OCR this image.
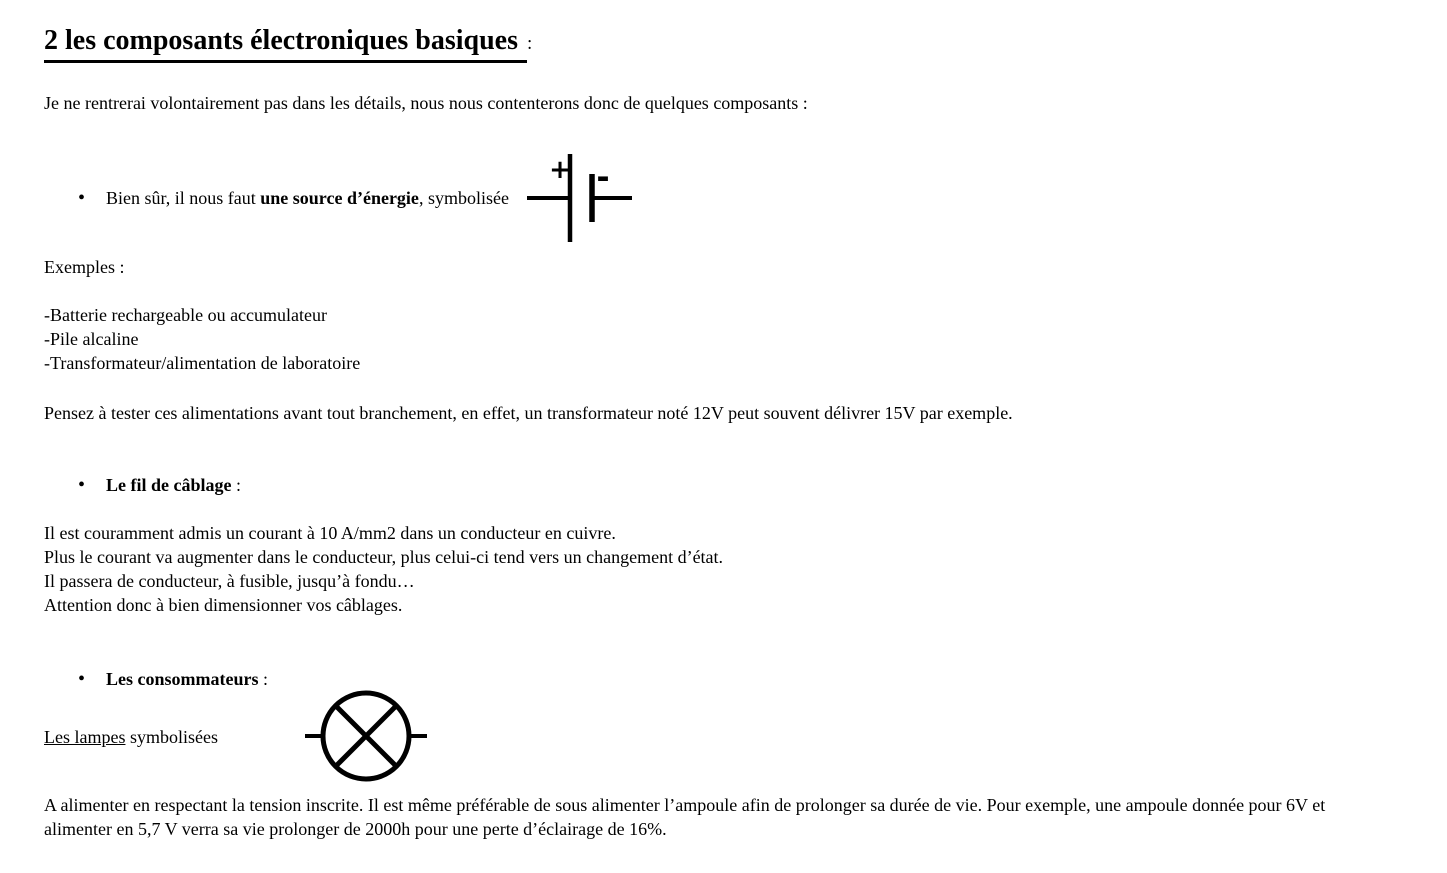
2 les composants électroniques basiques :

Je ne rentrerai volontairement pas dans les détails, nous nous contenterons donc de quelques composants :

• Bien sûr, il nous faut une source d’énergie, symbolisée
+ -

Exemples :

-Batterie rechargeable ou accumulateur
-Pile alcaline
-Transformateur/alimentation de laboratoire

Pensez à tester ces alimentations avant tout branchement, en effet, un transformateur noté 12V peut souvent délivrer 15V par exemple.

• Le fil de câblage :
Il est couramment admis un courant à 10 A/mm2 dans un conducteur en cuivre.
Plus le courant va augmenter dans le conducteur, plus celui-ci tend vers un changement d’état.
Il passera de conducteur, à fusible, jusqu’à fondu…
Attention donc à bien dimensionner vos câblages.
• Les consommateurs :
Les lampes symbolisées

A alimenter en respectant la tension inscrite. Il est même préférable de sous alimenter l’ampoule afin de prolonger sa durée de vie. Pour exemple, une ampoule donnée pour 6V et alimenter en 5,7 V verra sa vie prolonger de 2000h pour une perte d’éclairage de 16%.
